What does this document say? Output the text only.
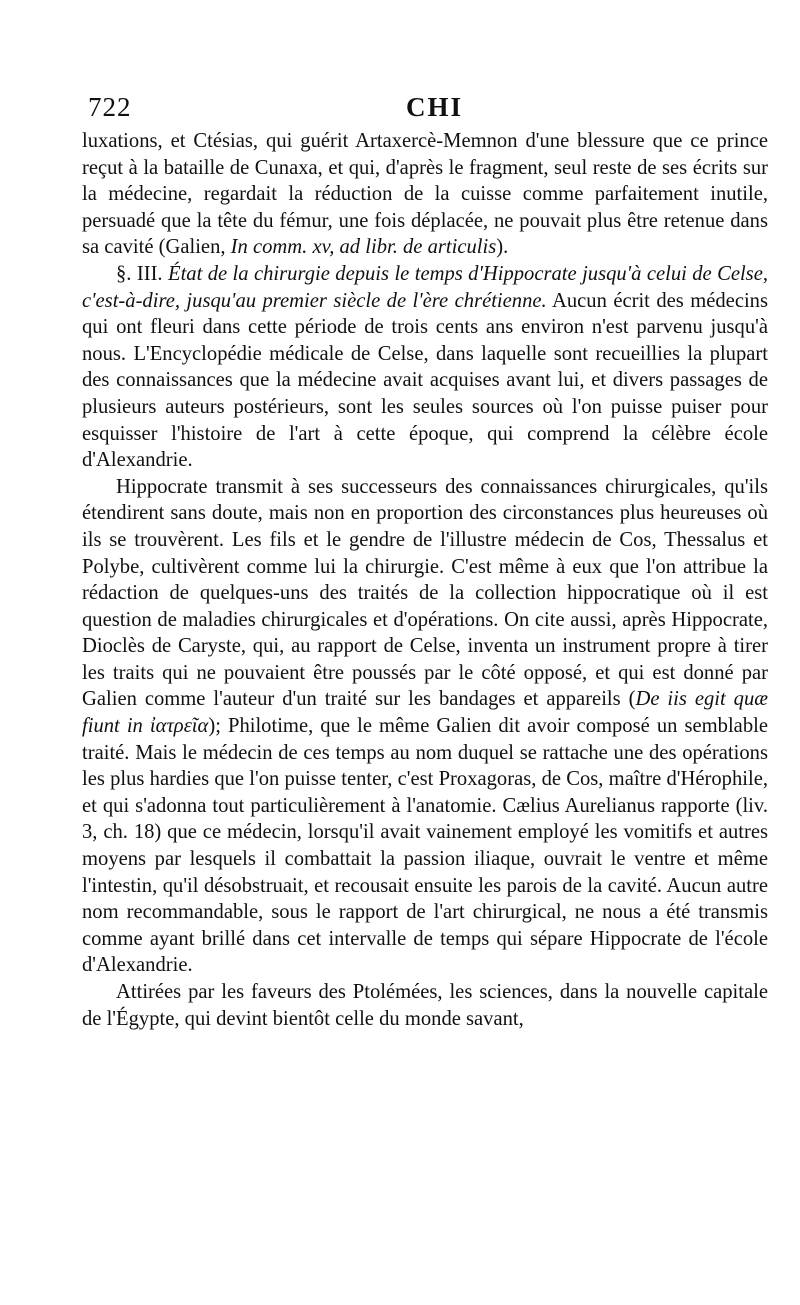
722	CHI

luxations, et Ctésias, qui guérit Artaxercè-Memnon d'une blessure que ce prince reçut à la bataille de Cunaxa, et qui, d'après le fragment, seul reste de ses écrits sur la médecine, regardait la réduction de la cuisse comme parfaitement inutile, persuadé que la tête du fémur, une fois déplacée, ne pouvait plus être retenue dans sa cavité (Galien, In comm. xv, ad libr. de articulis).

§. III. État de la chirurgie depuis le temps d'Hippocrate jusqu'à celui de Celse, c'est-à-dire, jusqu'au premier siècle de l'ère chrétienne. Aucun écrit des médecins qui ont fleuri dans cette période de trois cents ans environ n'est parvenu jusqu'à nous. L'Encyclopédie médicale de Celse, dans laquelle sont recueillies la plupart des connaissances que la médecine avait acquises avant lui, et divers passages de plusieurs auteurs postérieurs, sont les seules sources où l'on puisse puiser pour esquisser l'histoire de l'art à cette époque, qui comprend la célèbre école d'Alexandrie.

Hippocrate transmit à ses successeurs des connaissances chirurgicales, qu'ils étendirent sans doute, mais non en proportion des circonstances plus heureuses où ils se trouvèrent. Les fils et le gendre de l'illustre médecin de Cos, Thessalus et Polybe, cultivèrent comme lui la chirurgie. C'est même à eux que l'on attribue la rédaction de quelques-uns des traités de la collection hippocratique où il est question de maladies chirurgicales et d'opérations. On cite aussi, après Hippocrate, Dioclès de Caryste, qui, au rapport de Celse, inventa un instrument propre à tirer les traits qui ne pouvaient être poussés par le côté opposé, et qui est donné par Galien comme l'auteur d'un traité sur les bandages et appareils (De iis egit quæ fiunt in ἰατρεῖα); Philotime, que le même Galien dit avoir composé un semblable traité. Mais le médecin de ces temps au nom duquel se rattache une des opérations les plus hardies que l'on puisse tenter, c'est Proxagoras, de Cos, maître d'Hérophile, et qui s'adonna tout particulièrement à l'anatomie. Cælius Aurelianus rapporte (liv. 3, ch. 18) que ce médecin, lorsqu'il avait vainement employé les vomitifs et autres moyens par lesquels il combattait la passion iliaque, ouvrait le ventre et même l'intestin, qu'il désobstruait, et recousait ensuite les parois de la cavité. Aucun autre nom recommandable, sous le rapport de l'art chirurgical, ne nous a été transmis comme ayant brillé dans cet intervalle de temps qui sépare Hippocrate de l'école d'Alexandrie.

Attirées par les faveurs des Ptolémées, les sciences, dans la nouvelle capitale de l'Égypte, qui devint bientôt celle du monde savant,
